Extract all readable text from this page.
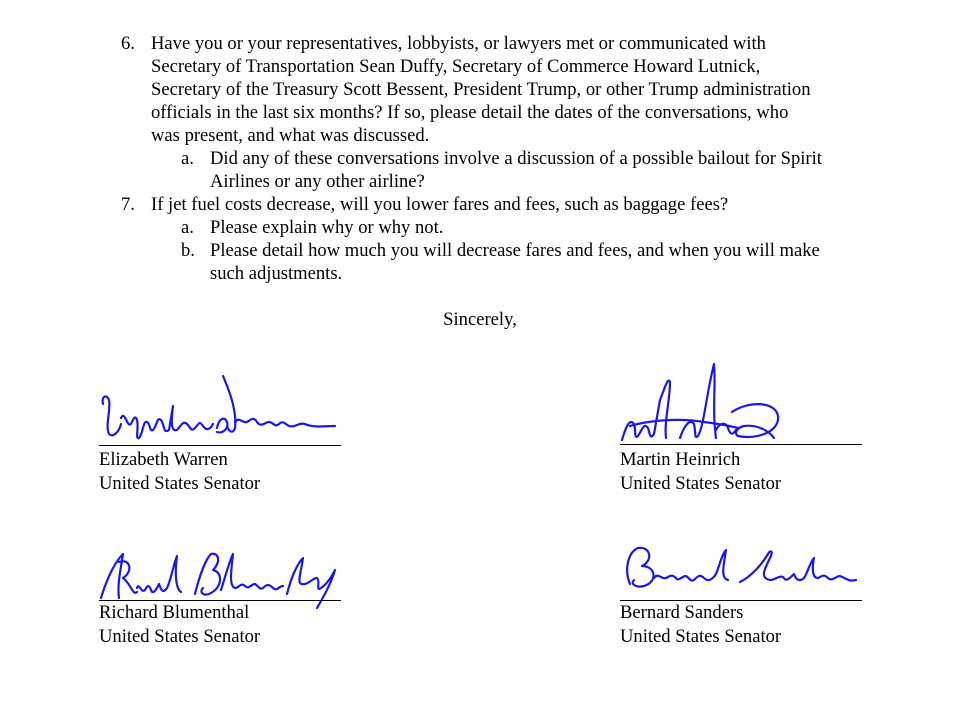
6. Have you or your representatives, lobbyists, or lawyers met or communicated with
Secretary of Transportation Sean Duffy, Secretary of Commerce Howard Lutnick,
Secretary of the Treasury Scott Bessent, President Trump, or other Trump administration
officials in the last six months? If so, please detail the dates of the conversations, who
was present, and what was discussed.
a. Did any of these conversations involve a discussion of a possible bailout for Spirit
Airlines or any other airline?
7. If jet fuel costs decrease, will you lower fares and fees, such as baggage fees?
a. Please explain why or why not.
b. Please detail how much you will decrease fares and fees, and when you will make
such adjustments.
Sincerely,
Elizabeth Warren
United States Senator
Martin Heinrich
United States Senator
Richard Blumenthal
United States Senator
Bernard Sanders
United States Senator
